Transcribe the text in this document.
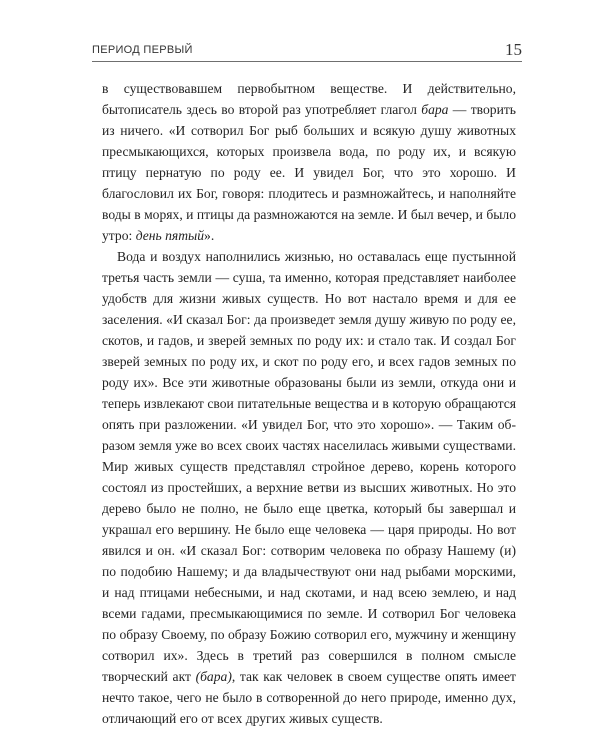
ПЕРИОД ПЕРВЫЙ	15

в существовавшем первобытном веществе. И действительно, бытописатель здесь во второй раз употребляет глагол бара — творить из ничего. «И сотворил Бог рыб больших и всякую душу животных пресмыкающихся, которых произвела вода, по роду их, и всякую птицу пернатую по роду ее. И увидел Бог, что это хорошо. И благословил их Бог, говоря: плодитесь и размножайтесь, и наполняйте воды в морях, и птицы да размножаются на земле. И был вечер, и было утро: день пятый».

Вода и воздух наполнились жизнью, но оставалась еще пустынной третья часть земли — суша, та именно, которая представляет наиболее удобств для жизни живых существ. Но вот настало время и для ее заселения. «И сказал Бог: да произведет земля душу живую по роду ее, скотов, и гадов, и зверей земных по роду их: и стало так. И создал Бог зверей земных по роду их, и скот по роду его, и всех гадов земных по роду их». Все эти животные образованы были из земли, откуда они и теперь извлекают свои питательные вещества и в которую обращаются опять при разложении. «И увидел Бог, что это хорошо». — Таким образом земля уже во всех своих частях населилась живыми существами. Мир живых существ представлял стройное дерево, корень которого состоял из простейших, а верхние ветви из высших животных. Но это дерево было не полно, не было еще цветка, который бы завершал и украшал его вершину. Не было еще человека — царя природы. Но вот явился и он. «И сказал Бог: сотворим человека по образу Нашему (и) по подобию Нашему; и да владычествуют они над рыбами морскими, и над птицами небесными, и над скотами, и над всею землею, и над всеми гадами, пресмыкающимися по земле. И сотворил Бог человека по образу Своему, по образу Божию сотворил его, мужчину и женщину сотворил их». Здесь в третий раз совершился в полном смысле творческий акт (бара), так как человек в своем существе опять имеет нечто такое, чего не было в сотворенной до него природе, именно дух, отличающий его от всех других живых существ.
